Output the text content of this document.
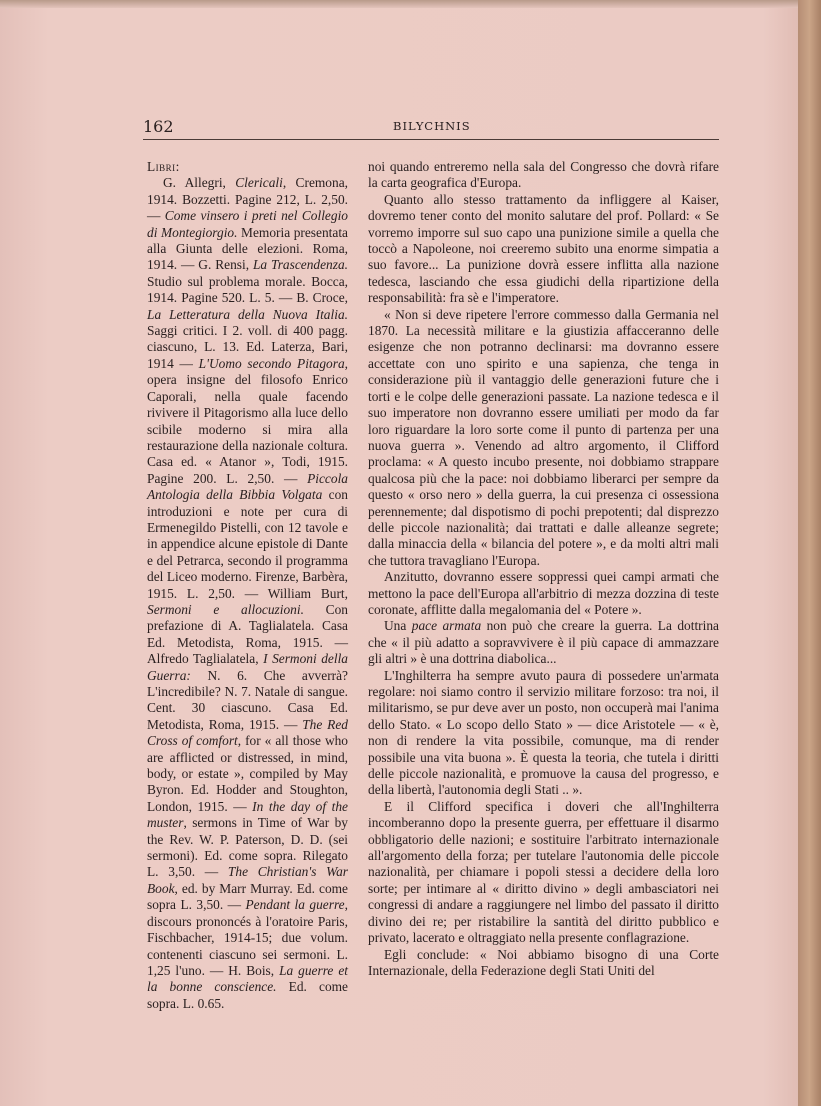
162	BILYCHNIS

Libri:

G. Allegri, Clericali, Cremona, 1914. Bozzetti. Pagine 212, L. 2,50. — Come vinsero i preti nel Collegio di Montegiorgio. Memoria presentata alla Giunta delle elezioni. Roma, 1914. — G. Rensi, La Trascendenza. Studio sul problema morale. Bocca, 1914. Pagine 520. L. 5. — B. Croce, La Letteratura della Nuova Italia. Saggi critici. I 2. voll. di 400 pagg. ciascuno, L. 13. Ed. Laterza, Bari, 1914 — L'Uomo secondo Pitagora, opera insigne del filosofo Enrico Caporali, nella quale facendo rivivere il Pitagorismo alla luce dello scibile moderno si mira alla restaurazione della nazionale coltura. Casa ed. « Atanor », Todi, 1915. Pagine 200. L. 2,50. — Piccola Antologia della Bibbia Volgata con introduzioni e note per cura di Ermenegildo Pistelli, con 12 tavole e in appendice alcune epistole di Dante e del Petrarca, secondo il programma del Liceo moderno. Firenze, Barbèra, 1915. L. 2,50. — William Burt, Sermoni e allocuzioni. Con prefazione di A. Taglialatela. Casa Ed. Metodista, Roma, 1915. — Alfredo Taglialatela, I Sermoni della Guerra: N. 6. Che avverrà? L'incredibile? N. 7. Natale di sangue. Cent. 30 ciascuno. Casa Ed. Metodista, Roma, 1915. — The Red Cross of comfort, for « all those who are afflicted or distressed, in mind, body, or estate », compiled by May Byron. Ed. Hodder and Stoughton, London, 1915. — In the day of the muster, sermons in Time of War by the Rev. W. P. Paterson, D. D. (sei sermoni). Ed. come sopra. Rilegato L. 3,50. — The Christian's War Book, ed. by Marr Murray. Ed. come sopra L. 3,50. — Pendant la guerre, discours prononcés à l'oratoire Paris, Fischbacher, 1914-15; due volum. contenenti ciascuno sei sermoni. L. 1,25 l'uno. — H. Bois, La guerre et la bonne conscience. Ed. come sopra. L. 0.65.

noi quando entreremo nella sala del Congresso che dovrà rifare la carta geografica d'Europa.

Quanto allo stesso trattamento da infliggere al Kaiser, dovremo tener conto del monito salutare del prof. Pollard: « Se vorremo imporre sul suo capo una punizione simile a quella che toccò a Napoleone, noi creeremo subito una enorme simpatia a suo favore... La punizione dovrà essere inflitta alla nazione tedesca, lasciando che essa giudichi della ripartizione della responsabilità: fra sè e l'imperatore.

« Non si deve ripetere l'errore commesso dalla Germania nel 1870. La necessità militare e la giustizia affacceranno delle esigenze che non potranno declinarsi: ma dovranno essere accettate con uno spirito e una sapienza, che tenga in considerazione più il vantaggio delle generazioni future che i torti e le colpe delle generazioni passate. La nazione tedesca e il suo imperatore non dovranno essere umiliati per modo da far loro riguardare la loro sorte come il punto di partenza per una nuova guerra ». Venendo ad altro argomento, il Clifford proclama: « A questo incubo presente, noi dobbiamo strappare qualcosa più che la pace: noi dobbiamo liberarci per sempre da questo « orso nero » della guerra, la cui presenza ci ossessiona perennemente; dal dispotismo di pochi prepotenti; dal disprezzo delle piccole nazionalità; dai trattati e dalle alleanze segrete; dalla minaccia della « bilancia del potere », e da molti altri mali che tuttora travagliano l'Europa.

Anzitutto, dovranno essere soppressi quei campi armati che mettono la pace dell'Europa all'arbitrio di mezza dozzina di teste coronate, afflitte dalla megalomania del « Potere ».

Una pace armata non può che creare la guerra. La dottrina che « il più adatto a sopravvivere è il più capace di ammazzare gli altri » è una dottrina diabolica...

L'Inghilterra ha sempre avuto paura di possedere un'armata regolare: noi siamo contro il servizio militare forzoso: tra noi, il militarismo, se pur deve aver un posto, non occuperà mai l'anima dello Stato. « Lo scopo dello Stato » — dice Aristotele — « è, non di rendere la vita possibile, comunque, ma di render possibile una vita buona ». È questa la teoria, che tutela i diritti delle piccole nazionalità, e promuove la causa del progresso, e della libertà, l'autonomia degli Stati .. ».

E il Clifford specifica i doveri che all'Inghilterra incomberanno dopo la presente guerra, per effettuare il disarmo obbligatorio delle nazioni; e sostituire l'arbitrato internazionale all'argomento della forza; per tutelare l'autonomia delle piccole nazionalità, per chiamare i popoli stessi a decidere della loro sorte; per intimare al « diritto divino » degli ambasciatori nei congressi di andare a raggiungere nel limbo del passato il diritto divino dei re; per ristabilire la santità del diritto pubblico e privato, lacerato e oltraggiato nella presente conflagrazione.

Egli conclude: « Noi abbiamo bisogno di una Corte Internazionale, della Federazione degli Stati Uniti del
